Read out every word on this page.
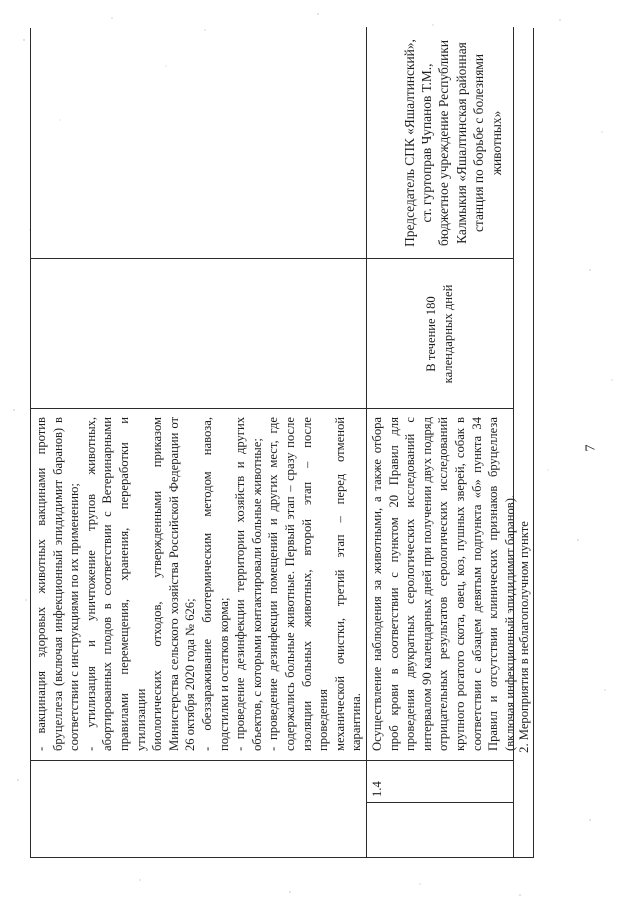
- вакцинация здоровых животных вакцинами против бруцеллеза (включая инфекционный эпидидимит баранов) в соответствии с инструкциями по их применению; - утилизация и уничтожение трупов животных, абортированных плодов в соответствии с Ветеринарными правилами перемещения, хранения, переработки и утилизации биологических отходов, утвержденными приказом Министерства сельского хозяйства Российской Федерации от 26 октября 2020 года № 626; - обеззараживание биотермическим методом навоза, подстилки и остатков корма; - проведение дезинфекции территории хозяйств и других объектов, с которыми контактировали больные животные; - проведение дезинфекции помещений и других мест, где содержались больные животные. Первый этап – сразу после изоляции больных животных, второй этап – после проведения механической очистки, третий этап – перед отменой карантина.

1.4

Осуществление наблюдения за животными, а также отбора проб крови в соответствии с пунктом 20 Правил для проведения двукратных серологических исследований с интервалом 90 календарных дней при получении двух подряд отрицательных результатов серологических исследований крупного рогатого скота, овец, коз, пушных зверей, собак в соответствии с абзацем девятым подпункта «б» пункта 34 Правил и отсутствии клинических признаков бруцеллеза (включая инфекционный эпидидимит баранов).

В течение 180 календарных дней

Председатель СПК «Яшалтинский», ст. гуртоправ Чупанов Т.М., бюджетное учреждение Республики Калмыкия «Яшалтинская районная станция по борьбе с болезнями животных»

2. Мероприятия в неблагополучном пункте
7
